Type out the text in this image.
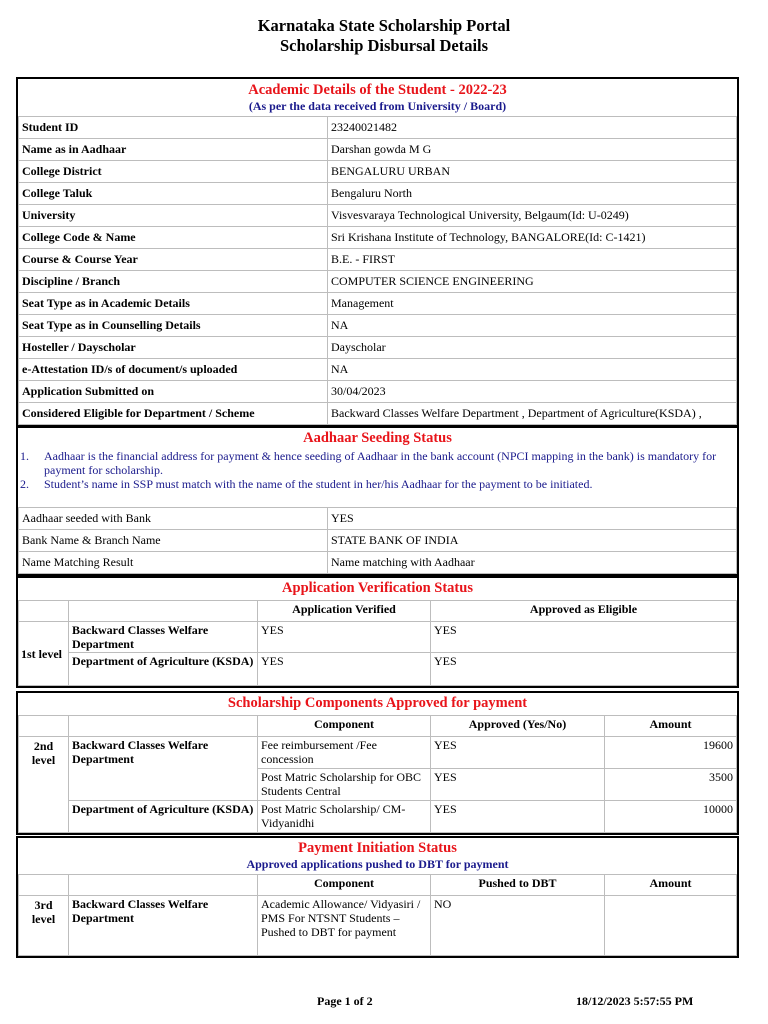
Karnataka State Scholarship Portal
Scholarship Disbursal Details
Academic Details of the Student - 2022-23
(As per the data received from University / Board)
Student ID	23240021482
Name as in Aadhaar	Darshan gowda M G
College District	BENGALURU URBAN
College Taluk	Bengaluru North
University	Visvesvaraya Technological University, Belgaum(Id: U-0249)
College Code & Name	Sri Krishana Institute of Technology, BANGALORE(Id: C-1421)
Course & Course Year	B.E. - FIRST
Discipline / Branch	COMPUTER SCIENCE ENGINEERING
Seat Type as in Academic Details	Management
Seat Type as in Counselling Details	NA
Hosteller / Dayscholar	Dayscholar
e-Attestation ID/s of document/s uploaded	NA
Application Submitted on	30/04/2023
Considered Eligible for Department / Scheme	Backward Classes Welfare Department , Department of Agriculture(KSDA) ,
Aadhaar Seeding Status
1. Aadhaar is the financial address for payment & hence seeding of Aadhaar in the bank account (NPCI mapping in the bank) is mandatory for payment for scholarship.
2. Student’s name in SSP must match with the name of the student in her/his Aadhaar for the payment to be initiated.
Aadhaar seeded with Bank	YES
Bank Name & Branch Name	STATE BANK OF INDIA
Name Matching Result	Name matching with Aadhaar
Application Verification Status
		Application Verified	Approved as Eligible
1st level	Backward Classes Welfare Department	YES	YES
	Department of Agriculture (KSDA)	YES	YES
Scholarship Components Approved for payment
		Component	Approved (Yes/No)	Amount
2nd level	Backward Classes Welfare Department	Fee reimbursement /Fee concession	YES	19600
		Post Matric Scholarship for OBC Students Central	YES	3500
	Department of Agriculture (KSDA)	Post Matric Scholarship/ CM-Vidyanidhi	YES	10000
Payment Initiation Status
Approved applications pushed to DBT for payment
		Component	Pushed to DBT	Amount
3rd level	Backward Classes Welfare Department	Academic Allowance/ Vidyasiri / PMS For NTSNT Students – Pushed to DBT for payment	NO	
Page 1 of 2	18/12/2023 5:57:55 PM
